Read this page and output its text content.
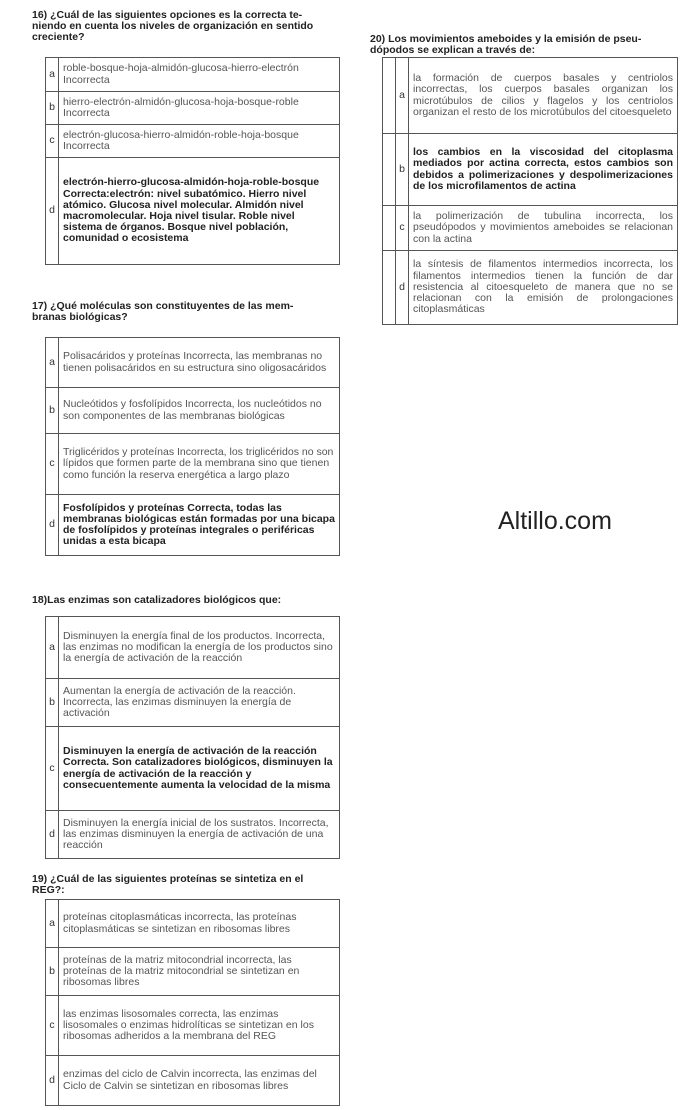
16) ¿Cuál de las siguientes opciones es la correcta te-
niendo en cuenta los niveles de organización en sentido
creciente?
a	roble-bosque-hoja-almidón-glucosa-hierro-electrón Incorrecta
b	hierro-electrón-almidón-glucosa-hoja-bosque-roble Incorrecta
c	electrón-glucosa-hierro-almidón-roble-hoja-bosque Incorrecta
d	electrón-hierro-glucosa-almidón-hoja-roble-bosque Correcta:electrón: nivel subatómico. Hierro nivel atómico. Glucosa nivel molecular. Almidón nivel macromolecular. Hoja nivel tisular. Roble nivel sistema de órganos. Bosque nivel población, comunidad o ecosistema
17) ¿Qué moléculas son constituyentes de las mem-
branas biológicas?
a	Polisacáridos y proteínas Incorrecta, las membranas no tienen polisacáridos en su estructura sino oligosacáridos
b	Nucleótidos y fosfolípidos Incorrecta, los nucleótidos no son componentes de las membranas biológicas
c	Triglicéridos y proteínas Incorrecta, los triglicéridos no son lípidos que formen parte de la membrana sino que tienen como función la reserva energética a largo plazo
d	Fosfolípidos y proteínas Correcta, todas las membranas biológicas están formadas por una bicapa de fosfolípidos y proteínas integrales o periféricas unidas a esta bicapa
18)Las enzimas son catalizadores biológicos que:
a	Disminuyen la energía final de los productos. Incorrecta, las enzimas no modifican la energía de los productos sino la energía de activación de la reacción
b	Aumentan la energía de activación de la reacción. Incorrecta, las enzimas disminuyen la energía de activación
c	Disminuyen la energía de activación de la reacción Correcta. Son catalizadores biológicos, disminuyen la energía de activación de la reacción y consecuentemente aumenta la velocidad de la misma
d	Disminuyen la energía inicial de los sustratos. Incorrecta, las enzimas disminuyen la energía de activación de una reacción
19) ¿Cuál de las siguientes proteínas se sintetiza en el
REG?:
a	proteínas citoplasmáticas incorrecta, las proteínas citoplasmáticas se sintetizan en ribosomas libres
b	proteínas de la matriz mitocondrial incorrecta, las proteínas de la matriz mitocondrial se sintetizan en ribosomas libres
c	las enzimas lisosomales correcta, las enzimas lisosomales o enzimas hidrolíticas se sintetizan en los ribosomas adheridos a la membrana del REG
d	enzimas del ciclo de Calvin incorrecta, las enzimas del Ciclo de Calvin se sintetizan en ribosomas libres
20) Los movimientos ameboides y la emisión de pseu-
dópodos se explican a través de:
	a	la formación de cuerpos basales y centriolos incorrectas, los cuerpos basales organizan los microtúbulos de cilios y flagelos y los centriolos organizan el resto de los microtúbulos del citoesqueleto
	b	los cambios en la viscosidad del citoplasma mediados por actina correcta, estos cambios son debidos a polimerizaciones y despolimerizaciones de los microfilamentos de actina
	c	la polimerización de tubulina incorrecta, los pseudópodos y movimientos ameboides se relacionan con la actina
	d	la síntesis de filamentos intermedios incorrecta, los filamentos intermedios tienen la función de dar resistencia al citoesqueleto de manera que no se relacionan con la emisión de prolongaciones citoplasmáticas
Altillo.com
